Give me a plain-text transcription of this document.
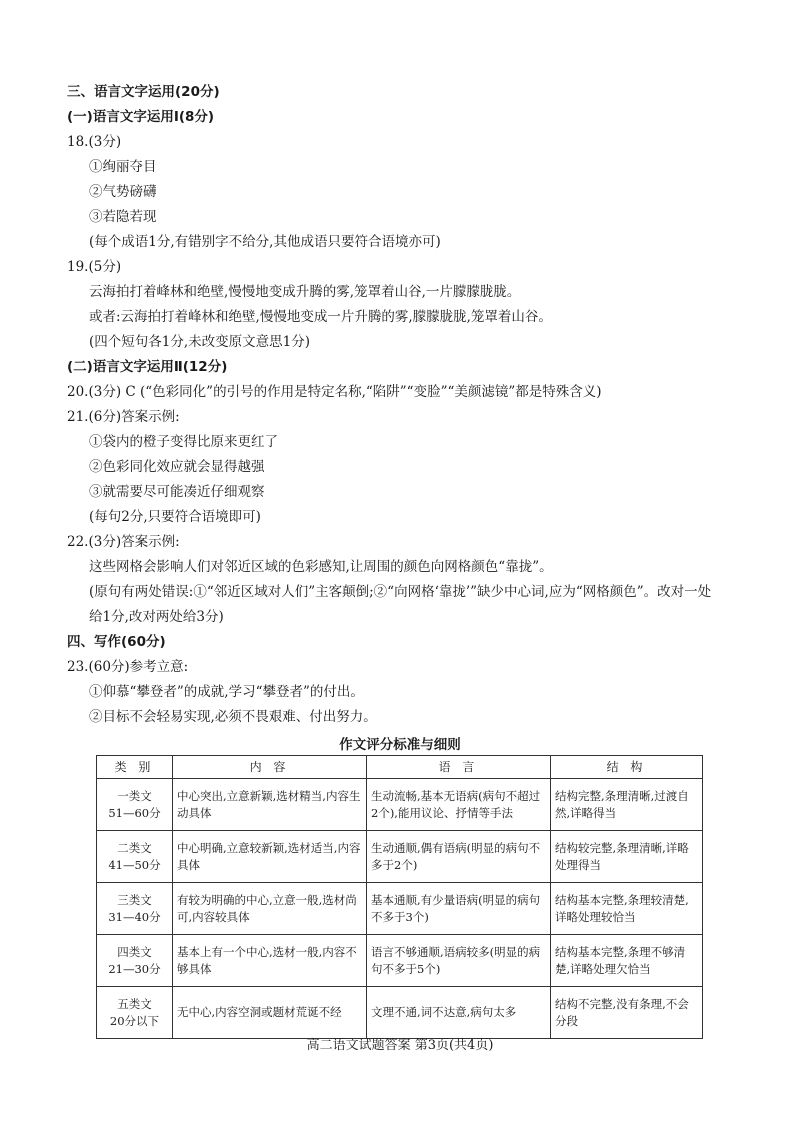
三、语言文字运用(20分)
(一)语言文字运用Ⅰ(8分)
18.(3分)
①绚丽夺目
②气势磅礴
③若隐若现
(每个成语1分,有错别字不给分,其他成语只要符合语境亦可)
19.(5分)
云海拍打着峰林和绝壁,慢慢地变成升腾的雾,笼罩着山谷,一片朦朦胧胧。
或者:云海拍打着峰林和绝壁,慢慢地变成一片升腾的雾,朦朦胧胧,笼罩着山谷。
(四个短句各1分,未改变原文意思1分)
(二)语言文字运用Ⅱ(12分)
20.(3分) C (“色彩同化”的引号的作用是特定名称,“陷阱”“变脸”“美颜滤镜”都是特殊含义)
21.(6分)答案示例:
①袋内的橙子变得比原来更红了
②色彩同化效应就会显得越强
③就需要尽可能凑近仔细观察
(每句2分,只要符合语境即可)
22.(3分)答案示例:
这些网格会影响人们对邻近区域的色彩感知,让周围的颜色向网格颜色“靠拢”。
(原句有两处错误:①“邻近区域对人们”主客颠倒;②“向网格‘靠拢’”缺少中心词,应为“网格颜色”。改对一处
给1分,改对两处给3分)
四、写作(60分)
23.(60分)参考立意:
①仰慕“攀登者”的成就,学习“攀登者”的付出。
②目标不会轻易实现,必须不畏艰难、付出努力。
作文评分标准与细则
类 别	内 容	语 言	结 构

一类文
51—60分	中心突出,立意新颖,选材精当,内容生动具体	生动流畅,基本无语病(病句不超过2个),能用议论、抒情等手法	结构完整,条理清晰,过渡自然,详略得当

二类文
41—50分	中心明确,立意较新颖,选材适当,内容具体	生动通顺,偶有语病(明显的病句不多于2个)	结构较完整,条理清晰,详略处理得当

三类文
31—40分	有较为明确的中心,立意一般,选材尚可,内容较具体	基本通顺,有少量语病(明显的病句不多于3个)	结构基本完整,条理较清楚,详略处理较恰当

四类文
21—30分	基本上有一个中心,选材一般,内容不够具体	语言不够通顺,语病较多(明显的病句不多于5个)	结构基本完整,条理不够清楚,详略处理欠恰当

五类文
20分以下	无中心,内容空洞或题材荒诞不经	文理不通,词不达意,病句太多	结构不完整,没有条理,不会分段
高二语文试题答案 第3页(共4页)
